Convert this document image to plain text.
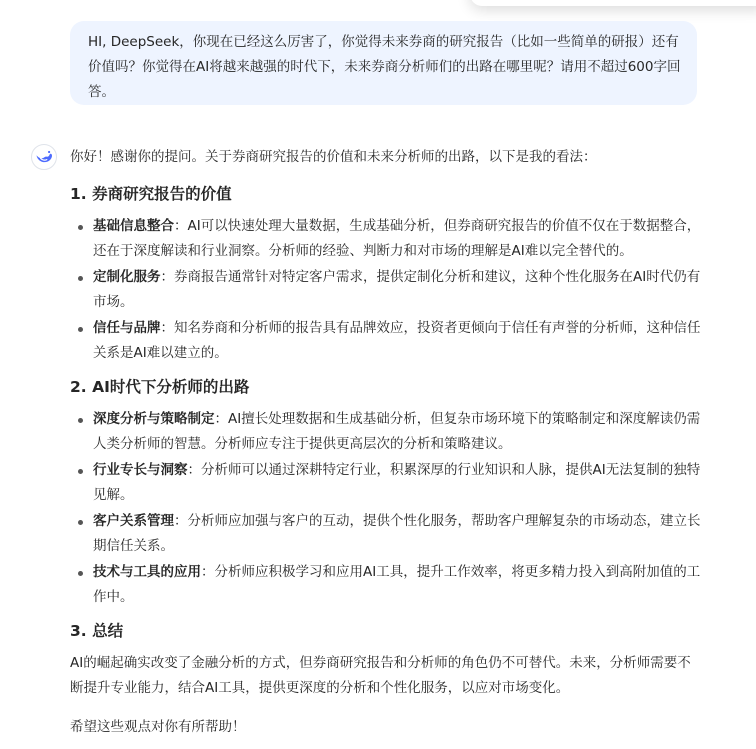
HI, DeepSeek，你现在已经这么厉害了，你觉得未来券商的研究报告（比如一些简单的研报）还有价值吗？你觉得在AI将越来越强的时代下，未来券商分析师们的出路在哪里呢？请用不超过600字回答。

你好！感谢你的提问。关于券商研究报告的价值和未来分析师的出路，以下是我的看法：

1. 券商研究报告的价值
基础信息整合：AI可以快速处理大量数据，生成基础分析，但券商研究报告的价值不仅在于数据整合，还在于深度解读和行业洞察。分析师的经验、判断力和对市场的理解是AI难以完全替代的。
定制化服务：券商报告通常针对特定客户需求，提供定制化分析和建议，这种个性化服务在AI时代仍有市场。
信任与品牌：知名券商和分析师的报告具有品牌效应，投资者更倾向于信任有声誉的分析师，这种信任关系是AI难以建立的。
2. AI时代下分析师的出路
深度分析与策略制定：AI擅长处理数据和生成基础分析，但复杂市场环境下的策略制定和深度解读仍需人类分析师的智慧。分析师应专注于提供更高层次的分析和策略建议。
行业专长与洞察：分析师可以通过深耕特定行业，积累深厚的行业知识和人脉，提供AI无法复制的独特见解。
客户关系管理：分析师应加强与客户的互动，提供个性化服务，帮助客户理解复杂的市场动态，建立长期信任关系。
技术与工具的应用：分析师应积极学习和应用AI工具，提升工作效率，将更多精力投入到高附加值的工作中。
3. 总结

AI的崛起确实改变了金融分析的方式，但券商研究报告和分析师的角色仍不可替代。未来，分析师需要不断提升专业能力，结合AI工具，提供更深度的分析和个性化服务，以应对市场变化。

希望这些观点对你有所帮助！
